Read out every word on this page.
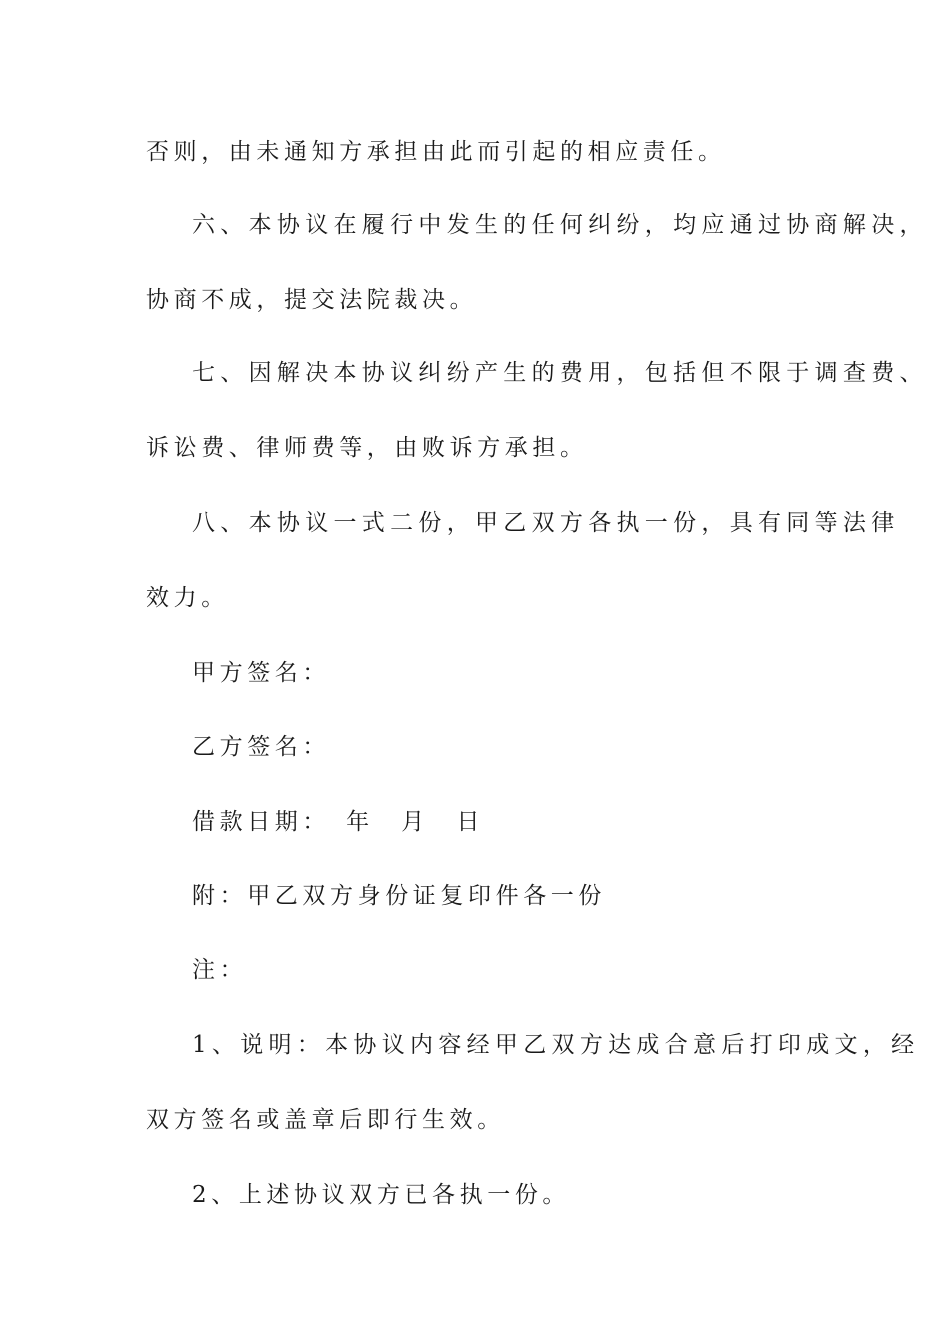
否则，由未通知方承担由此而引起的相应责任。

六、本协议在履行中发生的任何纠纷，均应通过协商解决，

协商不成，提交法院裁决。

七、因解决本协议纠纷产生的费用，包括但不限于调查费、

诉讼费、律师费等，由败诉方承担。

八、本协议一式二份，甲乙双方各执一份，具有同等法律

效力。

甲方签名：

乙方签名：

借款日期：　年　月　日

附：甲乙双方身份证复印件各一份

注：

1、说明：本协议内容经甲乙双方达成合意后打印成文，经

双方签名或盖章后即行生效。

2、上述协议双方已各执一份。
